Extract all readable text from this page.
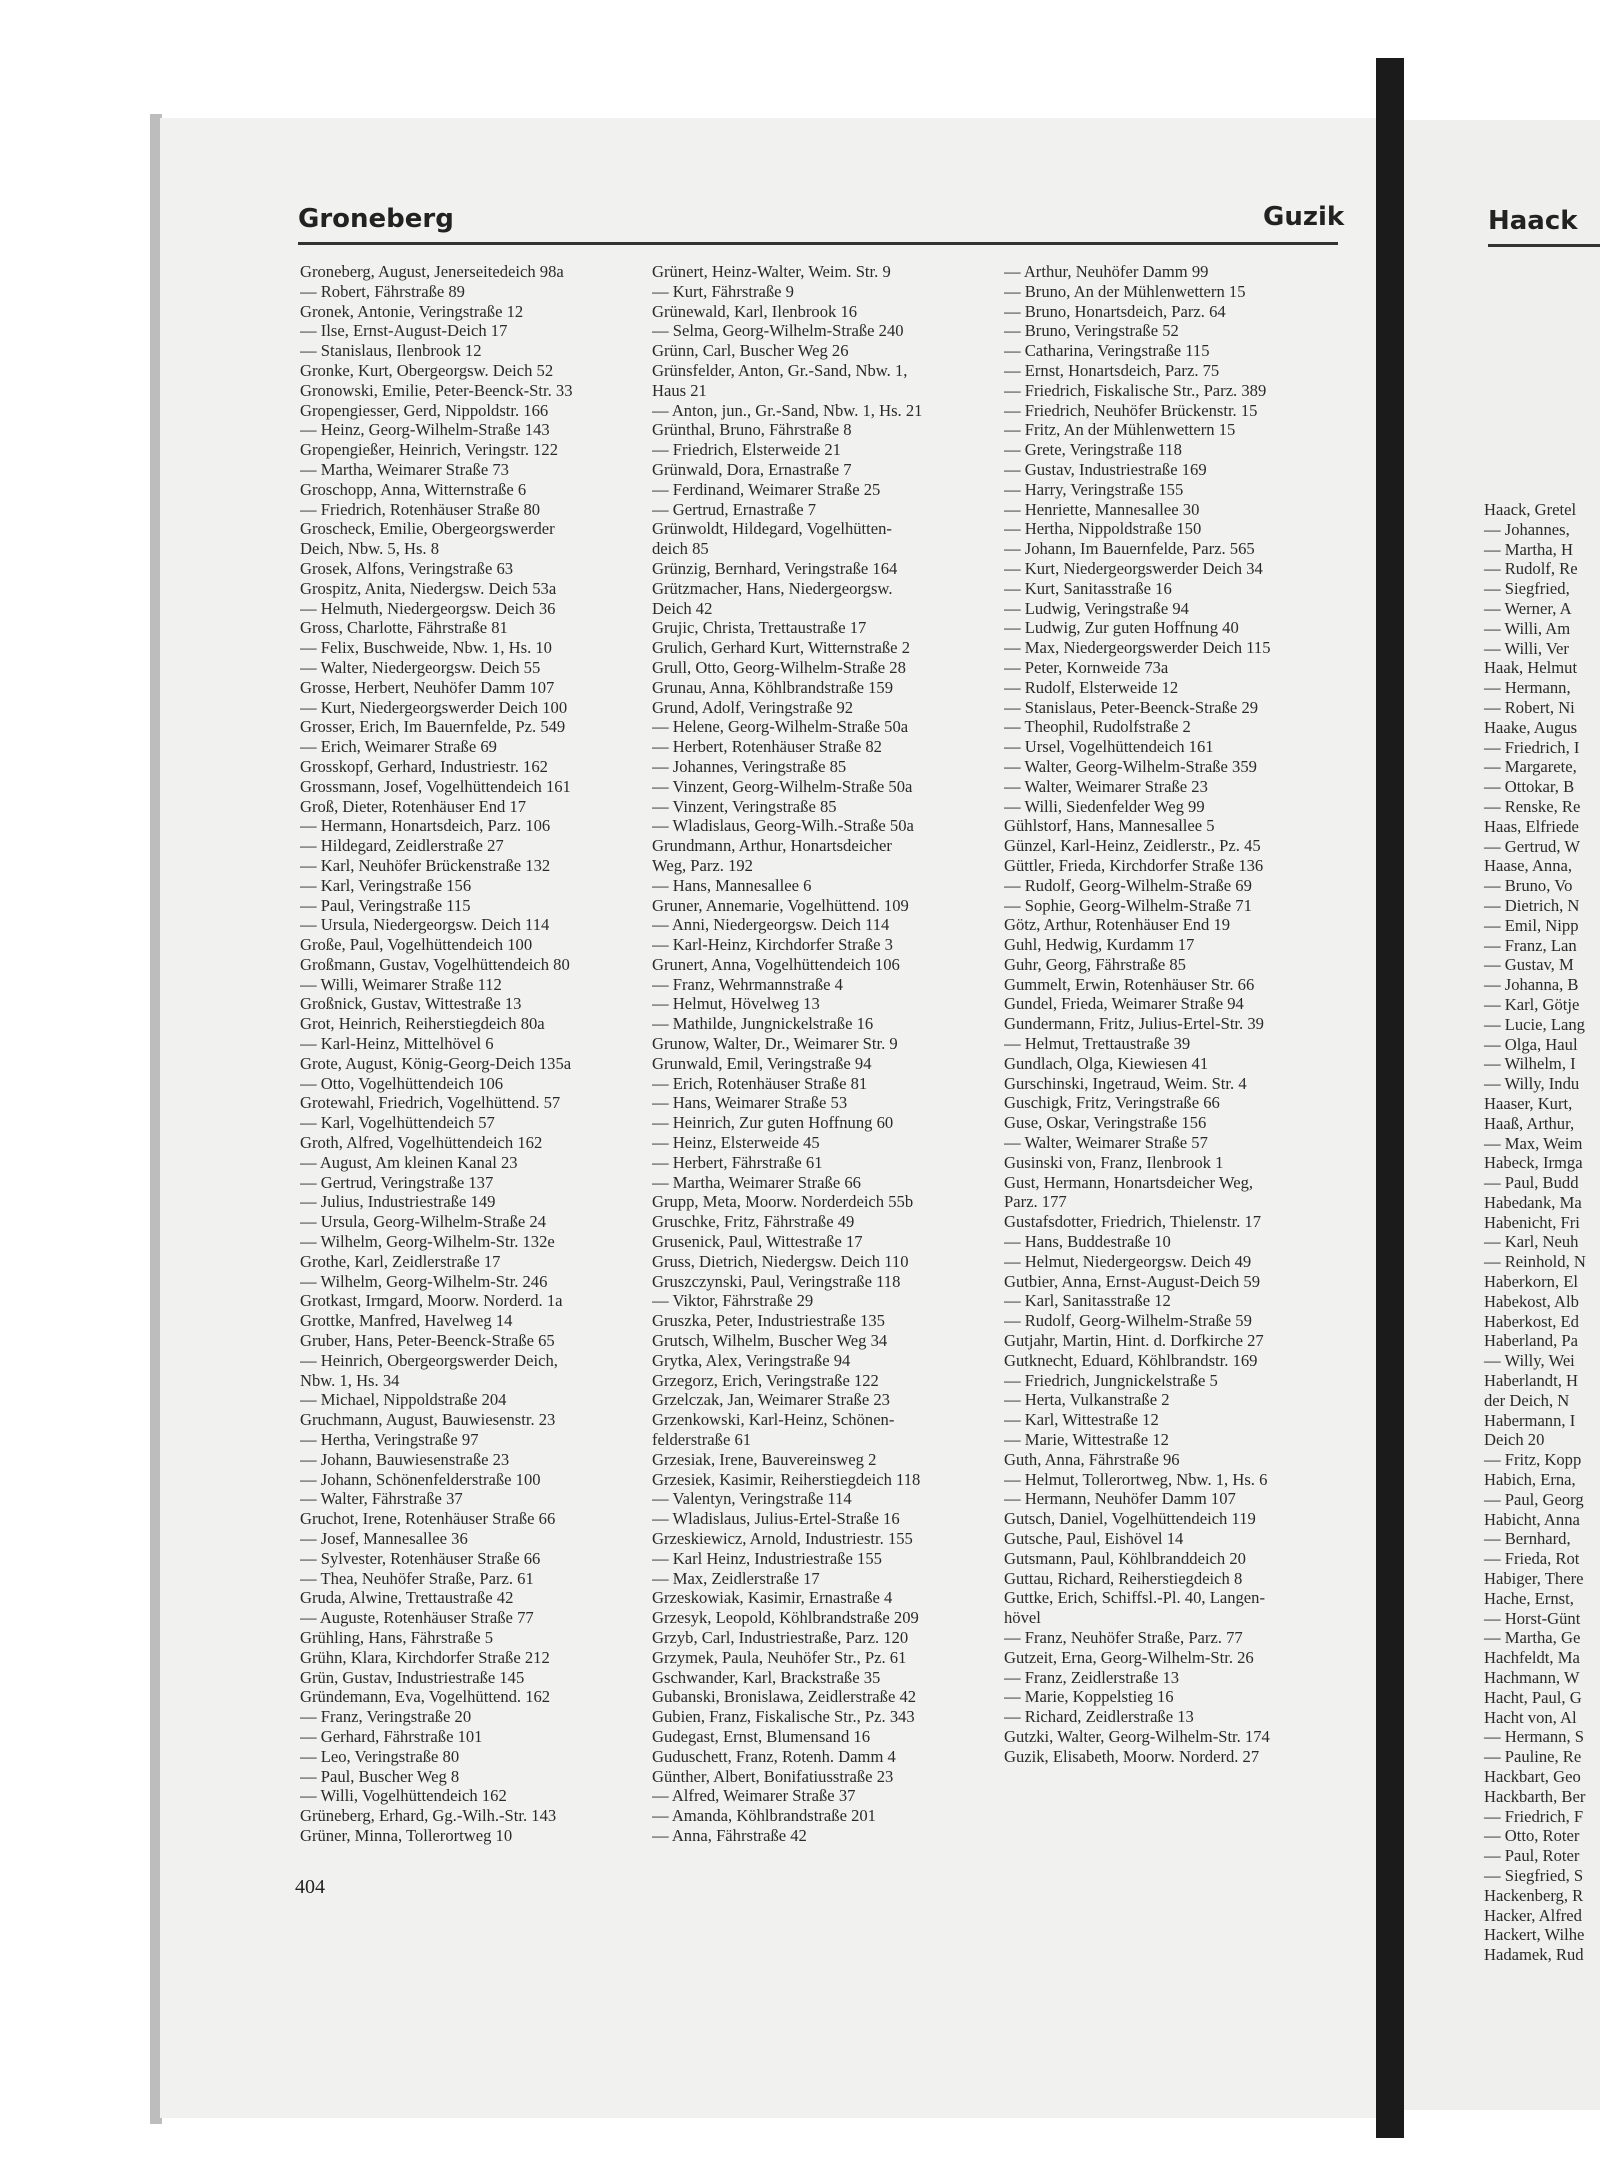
Haack
Haack, Gretel
— Johannes,
— Martha, H
— Rudolf, Re
— Siegfried,
— Werner, A
— Willi, Am
— Willi, Ver
Haak, Helmut
— Hermann,
— Robert, Ni
Haake, Augus
— Friedrich, I
— Margarete,
— Ottokar, B
— Renske, Re
Haas, Elfriede
— Gertrud, W
Haase, Anna,
— Bruno, Vo
— Dietrich, N
— Emil, Nipp
— Franz, Lan
— Gustav, M
— Johanna, B
— Karl, Götje
— Lucie, Lang
— Olga, Haul
— Wilhelm, I
— Willy, Indu
Haaser, Kurt,
Haaß, Arthur,
— Max, Weim
Habeck, Irmga
— Paul, Budd
Habedank, Ma
Habenicht, Fri
— Karl, Neuh
— Reinhold, N
Haberkorn, El
Habekost, Alb
Haberkost, Ed
Haberland, Pa
— Willy, Wei
Haberlandt, H
der Deich, N
Habermann, I
Deich 20
— Fritz, Kopp
Habich, Erna,
— Paul, Georg
Habicht, Anna
— Bernhard,
— Frieda, Rot
Habiger, There
Hache, Ernst,
— Horst-Günt
— Martha, Ge
Hachfeldt, Ma
Hachmann, W
Hacht, Paul, G
Hacht von, Al
— Hermann, S
— Pauline, Re
Hackbart, Geo
Hackbarth, Ber
— Friedrich, F
— Otto, Roter
— Paul, Roter
— Siegfried, S
Hackenberg, R
Hacker, Alfred
Hackert, Wilhe
Hadamek, Rud
Groneberg	Guzik
Groneberg, August, Jenerseitedeich 98a
— Robert, Fährstraße 89
Gronek, Antonie, Veringstraße 12
— Ilse, Ernst-August-Deich 17
— Stanislaus, Ilenbrook 12
Gronke, Kurt, Obergeorgsw. Deich 52
Gronowski, Emilie, Peter-Beenck-Str. 33
Gropengiesser, Gerd, Nippoldstr. 166
— Heinz, Georg-Wilhelm-Straße 143
Gropengießer, Heinrich, Veringstr. 122
— Martha, Weimarer Straße 73
Groschopp, Anna, Witternstraße 6
— Friedrich, Rotenhäuser Straße 80
Groscheck, Emilie, Obergeorgswerder
Deich, Nbw. 5, Hs. 8
Grosek, Alfons, Veringstraße 63
Grospitz, Anita, Niedergsw. Deich 53a
— Helmuth, Niedergeorgsw. Deich 36
Gross, Charlotte, Fährstraße 81
— Felix, Buschweide, Nbw. 1, Hs. 10
— Walter, Niedergeorgsw. Deich 55
Grosse, Herbert, Neuhöfer Damm 107
— Kurt, Niedergeorgswerder Deich 100
Grosser, Erich, Im Bauernfelde, Pz. 549
— Erich, Weimarer Straße 69
Grosskopf, Gerhard, Industriestr. 162
Grossmann, Josef, Vogelhüttendeich 161
Groß, Dieter, Rotenhäuser End 17
— Hermann, Honartsdeich, Parz. 106
— Hildegard, Zeidlerstraße 27
— Karl, Neuhöfer Brückenstraße 132
— Karl, Veringstraße 156
— Paul, Veringstraße 115
— Ursula, Niedergeorgsw. Deich 114
Große, Paul, Vogelhüttendeich 100
Großmann, Gustav, Vogelhüttendeich 80
— Willi, Weimarer Straße 112
Großnick, Gustav, Wittestraße 13
Grot, Heinrich, Reiherstiegdeich 80a
— Karl-Heinz, Mittelhövel 6
Grote, August, König-Georg-Deich 135a
— Otto, Vogelhüttendeich 106
Grotewahl, Friedrich, Vogelhüttend. 57
— Karl, Vogelhüttendeich 57
Groth, Alfred, Vogelhüttendeich 162
— August, Am kleinen Kanal 23
— Gertrud, Veringstraße 137
— Julius, Industriestraße 149
— Ursula, Georg-Wilhelm-Straße 24
— Wilhelm, Georg-Wilhelm-Str. 132e
Grothe, Karl, Zeidlerstraße 17
— Wilhelm, Georg-Wilhelm-Str. 246
Grotkast, Irmgard, Moorw. Norderd. 1a
Grottke, Manfred, Havelweg 14
Gruber, Hans, Peter-Beenck-Straße 65
— Heinrich, Obergeorgswerder Deich,
Nbw. 1, Hs. 34
— Michael, Nippoldstraße 204
Gruchmann, August, Bauwiesenstr. 23
— Hertha, Veringstraße 97
— Johann, Bauwiesenstraße 23
— Johann, Schönenfelderstraße 100
— Walter, Fährstraße 37
Gruchot, Irene, Rotenhäuser Straße 66
— Josef, Mannesallee 36
— Sylvester, Rotenhäuser Straße 66
— Thea, Neuhöfer Straße, Parz. 61
Gruda, Alwine, Trettaustraße 42
— Auguste, Rotenhäuser Straße 77
Grühling, Hans, Fährstraße 5
Grühn, Klara, Kirchdorfer Straße 212
Grün, Gustav, Industriestraße 145
Gründemann, Eva, Vogelhüttend. 162
— Franz, Veringstraße 20
— Gerhard, Fährstraße 101
— Leo, Veringstraße 80
— Paul, Buscher Weg 8
— Willi, Vogelhüttendeich 162
Grüneberg, Erhard, Gg.-Wilh.-Str. 143
Grüner, Minna, Tollerortweg 10
Grünert, Heinz-Walter, Weim. Str. 9
— Kurt, Fährstraße 9
Grünewald, Karl, Ilenbrook 16
— Selma, Georg-Wilhelm-Straße 240
Grünn, Carl, Buscher Weg 26
Grünsfelder, Anton, Gr.-Sand, Nbw. 1,
Haus 21
— Anton, jun., Gr.-Sand, Nbw. 1, Hs. 21
Grünthal, Bruno, Fährstraße 8
— Friedrich, Elsterweide 21
Grünwald, Dora, Ernastraße 7
— Ferdinand, Weimarer Straße 25
— Gertrud, Ernastraße 7
Grünwoldt, Hildegard, Vogelhütten-
deich 85
Grünzig, Bernhard, Veringstraße 164
Grützmacher, Hans, Niedergeorgsw.
Deich 42
Grujic, Christa, Trettaustraße 17
Grulich, Gerhard Kurt, Witternstraße 2
Grull, Otto, Georg-Wilhelm-Straße 28
Grunau, Anna, Köhlbrandstraße 159
Grund, Adolf, Veringstraße 92
— Helene, Georg-Wilhelm-Straße 50a
— Herbert, Rotenhäuser Straße 82
— Johannes, Veringstraße 85
— Vinzent, Georg-Wilhelm-Straße 50a
— Vinzent, Veringstraße 85
— Wladislaus, Georg-Wilh.-Straße 50a
Grundmann, Arthur, Honartsdeicher
Weg, Parz. 192
— Hans, Mannesallee 6
Gruner, Annemarie, Vogelhüttend. 109
— Anni, Niedergeorgsw. Deich 114
— Karl-Heinz, Kirchdorfer Straße 3
Grunert, Anna, Vogelhüttendeich 106
— Franz, Wehrmannstraße 4
— Helmut, Hövelweg 13
— Mathilde, Jungnickelstraße 16
Grunow, Walter, Dr., Weimarer Str. 9
Grunwald, Emil, Veringstraße 94
— Erich, Rotenhäuser Straße 81
— Hans, Weimarer Straße 53
— Heinrich, Zur guten Hoffnung 60
— Heinz, Elsterweide 45
— Herbert, Fährstraße 61
— Martha, Weimarer Straße 66
Grupp, Meta, Moorw. Norderdeich 55b
Gruschke, Fritz, Fährstraße 49
Grusenick, Paul, Wittestraße 17
Gruss, Dietrich, Niedergsw. Deich 110
Gruszczynski, Paul, Veringstraße 118
— Viktor, Fährstraße 29
Gruszka, Peter, Industriestraße 135
Grutsch, Wilhelm, Buscher Weg 34
Grytka, Alex, Veringstraße 94
Grzegorz, Erich, Veringstraße 122
Grzelczak, Jan, Weimarer Straße 23
Grzenkowski, Karl-Heinz, Schönen-
felderstraße 61
Grzesiak, Irene, Bauvereinsweg 2
Grzesiek, Kasimir, Reiherstiegdeich 118
— Valentyn, Veringstraße 114
— Wladislaus, Julius-Ertel-Straße 16
Grzeskiewicz, Arnold, Industriestr. 155
— Karl Heinz, Industriestraße 155
— Max, Zeidlerstraße 17
Grzeskowiak, Kasimir, Ernastraße 4
Grzesyk, Leopold, Köhlbrandstraße 209
Grzyb, Carl, Industriestraße, Parz. 120
Grzymek, Paula, Neuhöfer Str., Pz. 61
Gschwander, Karl, Brackstraße 35
Gubanski, Bronislawa, Zeidlerstraße 42
Gubien, Franz, Fiskalische Str., Pz. 343
Gudegast, Ernst, Blumensand 16
Guduschett, Franz, Rotenh. Damm 4
Günther, Albert, Bonifatiusstraße 23
— Alfred, Weimarer Straße 37
— Amanda, Köhlbrandstraße 201
— Anna, Fährstraße 42
— Arthur, Neuhöfer Damm 99
— Bruno, An der Mühlenwettern 15
— Bruno, Honartsdeich, Parz. 64
— Bruno, Veringstraße 52
— Catharina, Veringstraße 115
— Ernst, Honartsdeich, Parz. 75
— Friedrich, Fiskalische Str., Parz. 389
— Friedrich, Neuhöfer Brückenstr. 15
— Fritz, An der Mühlenwettern 15
— Grete, Veringstraße 118
— Gustav, Industriestraße 169
— Harry, Veringstraße 155
— Henriette, Mannesallee 30
— Hertha, Nippoldstraße 150
— Johann, Im Bauernfelde, Parz. 565
— Kurt, Niedergeorgswerder Deich 34
— Kurt, Sanitasstraße 16
— Ludwig, Veringstraße 94
— Ludwig, Zur guten Hoffnung 40
— Max, Niedergeorgswerder Deich 115
— Peter, Kornweide 73a
— Rudolf, Elsterweide 12
— Stanislaus, Peter-Beenck-Straße 29
— Theophil, Rudolfstraße 2
— Ursel, Vogelhüttendeich 161
— Walter, Georg-Wilhelm-Straße 359
— Walter, Weimarer Straße 23
— Willi, Siedenfelder Weg 99
Gühlstorf, Hans, Mannesallee 5
Günzel, Karl-Heinz, Zeidlerstr., Pz. 45
Güttler, Frieda, Kirchdorfer Straße 136
— Rudolf, Georg-Wilhelm-Straße 69
— Sophie, Georg-Wilhelm-Straße 71
Götz, Arthur, Rotenhäuser End 19
Guhl, Hedwig, Kurdamm 17
Guhr, Georg, Fährstraße 85
Gummelt, Erwin, Rotenhäuser Str. 66
Gundel, Frieda, Weimarer Straße 94
Gundermann, Fritz, Julius-Ertel-Str. 39
— Helmut, Trettaustraße 39
Gundlach, Olga, Kiewiesen 41
Gurschinski, Ingetraud, Weim. Str. 4
Guschigk, Fritz, Veringstraße 66
Guse, Oskar, Veringstraße 156
— Walter, Weimarer Straße 57
Gusinski von, Franz, Ilenbrook 1
Gust, Hermann, Honartsdeicher Weg,
Parz. 177
Gustafsdotter, Friedrich, Thielenstr. 17
— Hans, Buddestraße 10
— Helmut, Niedergeorgsw. Deich 49
Gutbier, Anna, Ernst-August-Deich 59
— Karl, Sanitasstraße 12
— Rudolf, Georg-Wilhelm-Straße 59
Gutjahr, Martin, Hint. d. Dorfkirche 27
Gutknecht, Eduard, Köhlbrandstr. 169
— Friedrich, Jungnickelstraße 5
— Herta, Vulkanstraße 2
— Karl, Wittestraße 12
— Marie, Wittestraße 12
Guth, Anna, Fährstraße 96
— Helmut, Tollerortweg, Nbw. 1, Hs. 6
— Hermann, Neuhöfer Damm 107
Gutsch, Daniel, Vogelhüttendeich 119
Gutsche, Paul, Eishövel 14
Gutsmann, Paul, Köhlbranddeich 20
Guttau, Richard, Reiherstiegdeich 8
Guttke, Erich, Schiffsl.-Pl. 40, Langen-
hövel
— Franz, Neuhöfer Straße, Parz. 77
Gutzeit, Erna, Georg-Wilhelm-Str. 26
— Franz, Zeidlerstraße 13
— Marie, Koppelstieg 16
— Richard, Zeidlerstraße 13
Gutzki, Walter, Georg-Wilhelm-Str. 174
Guzik, Elisabeth, Moorw. Norderd. 27
404
